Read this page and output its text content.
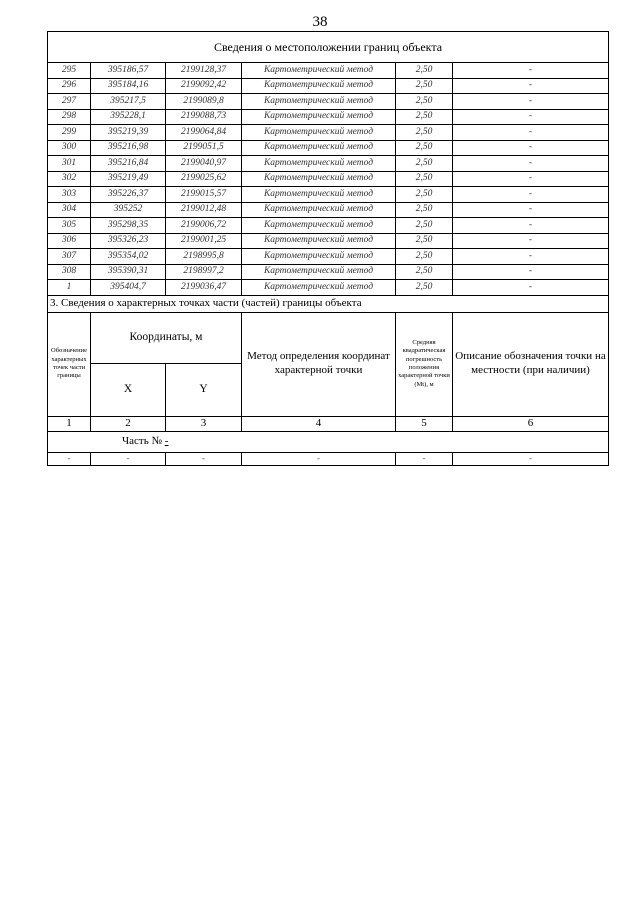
38
Сведения о местоположении границ объекта					
295	395186,57	2199128,37	Картометрический метод	2,50	-
296	395184,16	2199092,42	Картометрический метод	2,50	-
297	395217,5	2199089,8	Картометрический метод	2,50	-
298	395228,1	2199088,73	Картометрический метод	2,50	-
299	395219,39	2199064,84	Картометрический метод	2,50	-
300	395216,98	2199051,5	Картометрический метод	2,50	-
301	395216,84	2199040,97	Картометрический метод	2,50	-
302	395219,49	2199025,62	Картометрический метод	2,50	-
303	395226,37	2199015,57	Картометрический метод	2,50	-
304	395252	2199012,48	Картометрический метод	2,50	-
305	395298,35	2199006,72	Картометрический метод	2,50	-
306	395326,23	2199001,25	Картометрический метод	2,50	-
307	395354,02	2198995,8	Картометрический метод	2,50	-
308	395390,31	2198997,2	Картометрический метод	2,50	-
1	395404,7	2199036,47	Картометрический метод	2,50	-
3. Сведения о характерных точках части (частей) границы объекта					
Обозначение характерных точек части границы	Координаты, м		Метод определения координат характерной точки	Средняя квадратическая погрешность положения характерной точки (Мt), м	Описание обозначения точки на местности (при наличии)
	X	Y			
1	2	3	4	5	6
Часть № -					
-	-	-	-	-	-
